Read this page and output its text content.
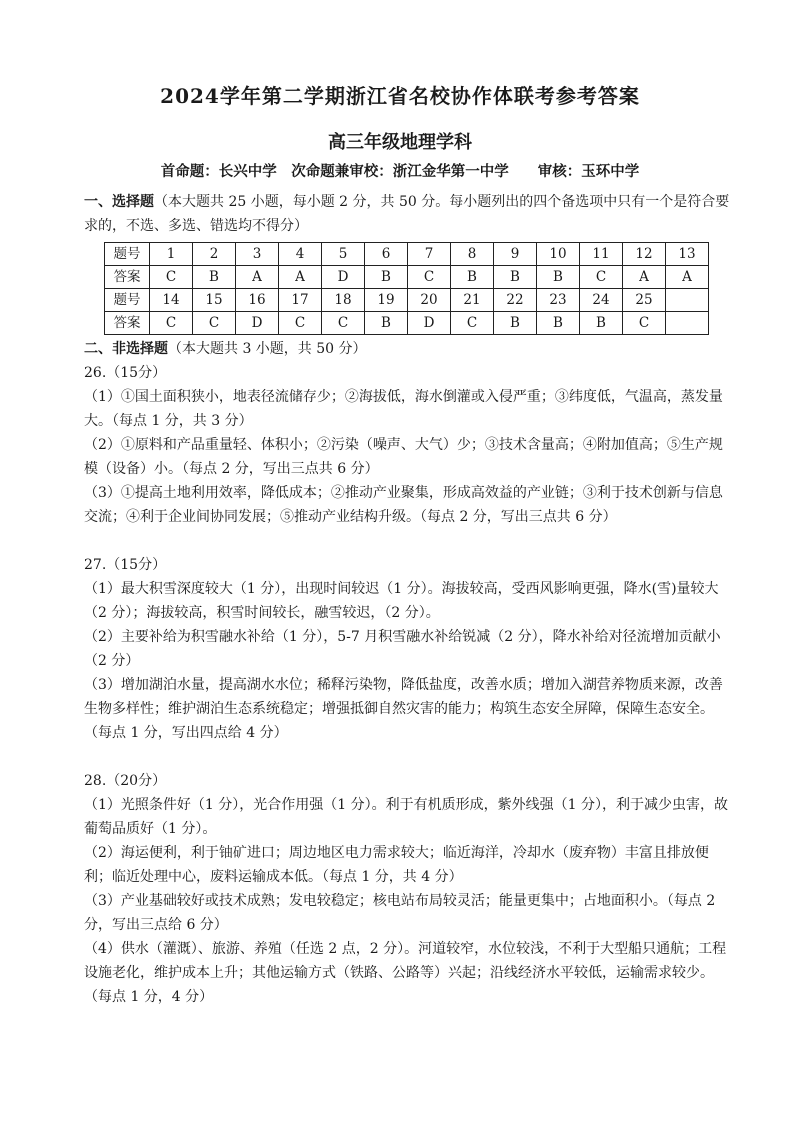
2024学年第二学期浙江省名校协作体联考参考答案
高三年级地理学科
首命题：长兴中学　次命题兼审校：浙江金华第一中学　　审核：玉环中学

一、选择题（本大题共 25 小题，每小题 2 分，共 50 分。每小题列出的四个备选项中只有一个是符合要求的，不选、多选、错选均不得分）

题号	1	2	3	4	5	6	7	8	9	10	11	12	13
答案	C	B	A	A	D	B	C	B	B	B	C	A	A
题号	14	15	16	17	18	19	20	21	22	23	24	25	
答案	C	C	D	C	C	B	D	C	B	B	B	C	

二、非选择题（本大题共 3 小题，共 50 分）

26.（15分）

（1）①国土面积狭小，地表径流储存少；②海拔低，海水倒灌或入侵严重；③纬度低，气温高，蒸发量大。（每点 1 分，共 3 分）

（2）①原料和产品重量轻、体积小；②污染（噪声、大气）少；③技术含量高；④附加值高；⑤生产规模（设备）小。（每点 2 分，写出三点共 6 分）

（3）①提高土地利用效率，降低成本；②推动产业聚集，形成高效益的产业链；③利于技术创新与信息交流；④利于企业间协同发展；⑤推动产业结构升级。（每点 2 分，写出三点共 6 分）

27.（15分）

（1）最大积雪深度较大（1 分），出现时间较迟（1 分）。海拔较高，受西风影响更强，降水(雪)量较大（2 分）；海拔较高，积雪时间较长，融雪较迟，（2 分）。

（2）主要补给为积雪融水补给（1 分），5-7 月积雪融水补给锐减（2 分），降水补给对径流增加贡献小（2 分）

（3）增加湖泊水量，提高湖水水位；稀释污染物，降低盐度，改善水质；增加入湖营养物质来源，改善生物多样性；维护湖泊生态系统稳定；增强抵御自然灾害的能力；构筑生态安全屏障，保障生态安全。（每点 1 分，写出四点给 4 分）

28.（20分）

（1）光照条件好（1 分），光合作用强（1 分）。利于有机质形成，紫外线强（1 分），利于减少虫害，故葡萄品质好（1 分）。

（2）海运便利，利于铀矿进口；周边地区电力需求较大；临近海洋，冷却水（废弃物）丰富且排放便利；临近处理中心，废料运输成本低。（每点 1 分，共 4 分）

（3）产业基础较好或技术成熟；发电较稳定；核电站布局较灵活；能量更集中；占地面积小。（每点 2 分，写出三点给 6 分）

（4）供水（灌溉）、旅游、养殖（任选 2 点，2 分）。河道较窄，水位较浅，不利于大型船只通航；工程设施老化，维护成本上升；其他运输方式（铁路、公路等）兴起；沿线经济水平较低，运输需求较少。（每点 1 分，4 分）
